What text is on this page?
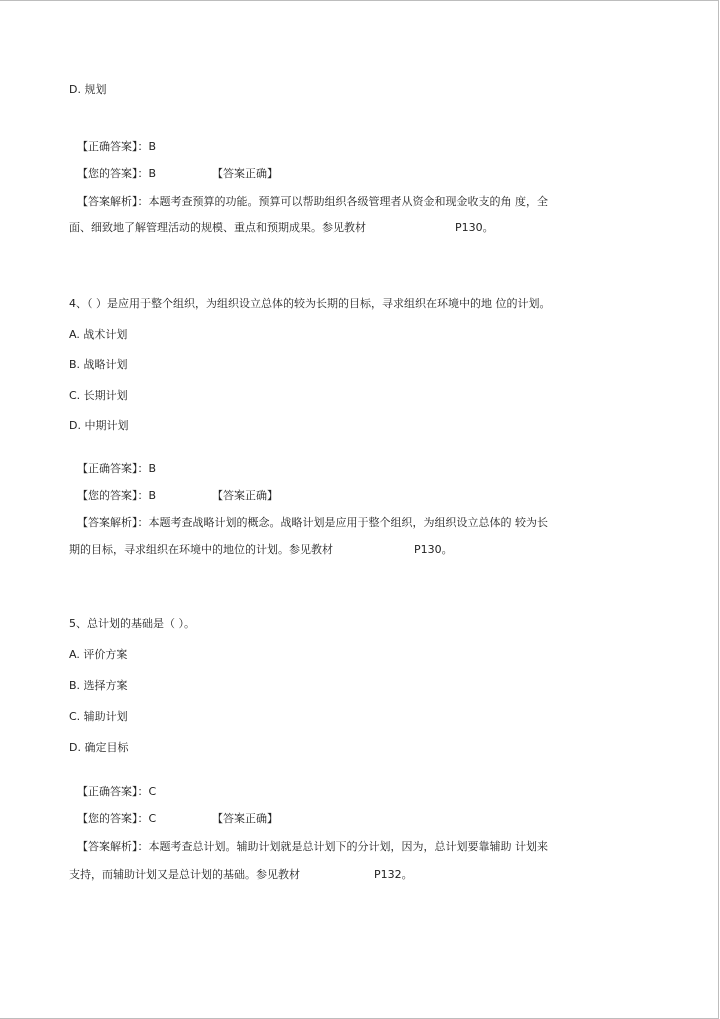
D. 规划
【正确答案】：B
【您的答案】：B	【答案正确】
【答案解析】：本题考查预算的功能。预算可以帮助组织各级管理者从资金和现金收支的角 度，全
面、细致地了解管理活动的规模、重点和预期成果。参见教材	P130。
4、（ ）是应用于整个组织，为组织设立总体的较为长期的目标，寻求组织在环境中的地 位的计划。
A. 战术计划
B. 战略计划
C. 长期计划
D. 中期计划
【正确答案】：B
【您的答案】：B	【答案正确】
【答案解析】：本题考查战略计划的概念。战略计划是应用于整个组织，为组织设立总体的 较为长
期的目标，寻求组织在环境中的地位的计划。参见教材	P130。
5、总计划的基础是（ ）。
A. 评价方案
B. 选择方案
C. 辅助计划
D. 确定目标
【正确答案】：C
【您的答案】：C	【答案正确】
【答案解析】：本题考查总计划。辅助计划就是总计划下的分计划，因为，总计划要靠辅助 计划来
支持，而辅助计划又是总计划的基础。参见教材	P132。
